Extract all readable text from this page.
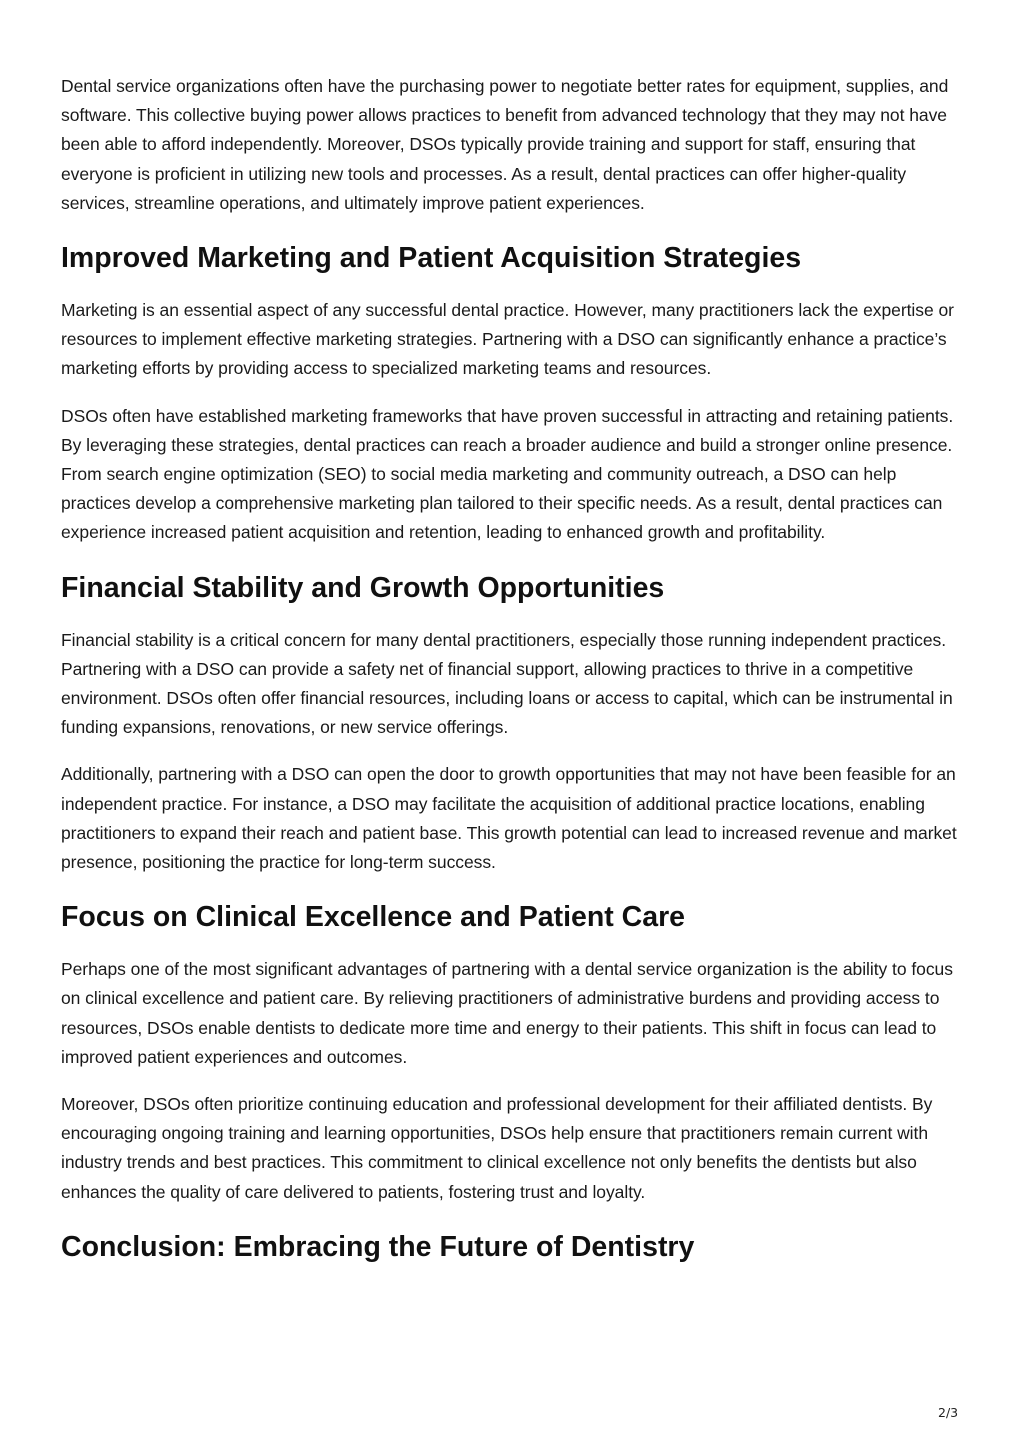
Dental service organizations often have the purchasing power to negotiate better rates for equipment, supplies, and software. This collective buying power allows practices to benefit from advanced technology that they may not have been able to afford independently. Moreover, DSOs typically provide training and support for staff, ensuring that everyone is proficient in utilizing new tools and processes. As a result, dental practices can offer higher-quality services, streamline operations, and ultimately improve patient experiences.

Improved Marketing and Patient Acquisition Strategies

Marketing is an essential aspect of any successful dental practice. However, many practitioners lack the expertise or resources to implement effective marketing strategies. Partnering with a DSO can significantly enhance a practice’s marketing efforts by providing access to specialized marketing teams and resources.

DSOs often have established marketing frameworks that have proven successful in attracting and retaining patients. By leveraging these strategies, dental practices can reach a broader audience and build a stronger online presence. From search engine optimization (SEO) to social media marketing and community outreach, a DSO can help practices develop a comprehensive marketing plan tailored to their specific needs. As a result, dental practices can experience increased patient acquisition and retention, leading to enhanced growth and profitability.

Financial Stability and Growth Opportunities

Financial stability is a critical concern for many dental practitioners, especially those running independent practices. Partnering with a DSO can provide a safety net of financial support, allowing practices to thrive in a competitive environment. DSOs often offer financial resources, including loans or access to capital, which can be instrumental in funding expansions, renovations, or new service offerings.

Additionally, partnering with a DSO can open the door to growth opportunities that may not have been feasible for an independent practice. For instance, a DSO may facilitate the acquisition of additional practice locations, enabling practitioners to expand their reach and patient base. This growth potential can lead to increased revenue and market presence, positioning the practice for long-term success.

Focus on Clinical Excellence and Patient Care

Perhaps one of the most significant advantages of partnering with a dental service organization is the ability to focus on clinical excellence and patient care. By relieving practitioners of administrative burdens and providing access to resources, DSOs enable dentists to dedicate more time and energy to their patients. This shift in focus can lead to improved patient experiences and outcomes.

Moreover, DSOs often prioritize continuing education and professional development for their affiliated dentists. By encouraging ongoing training and learning opportunities, DSOs help ensure that practitioners remain current with industry trends and best practices. This commitment to clinical excellence not only benefits the dentists but also enhances the quality of care delivered to patients, fostering trust and loyalty.

Conclusion: Embracing the Future of Dentistry
2/3
